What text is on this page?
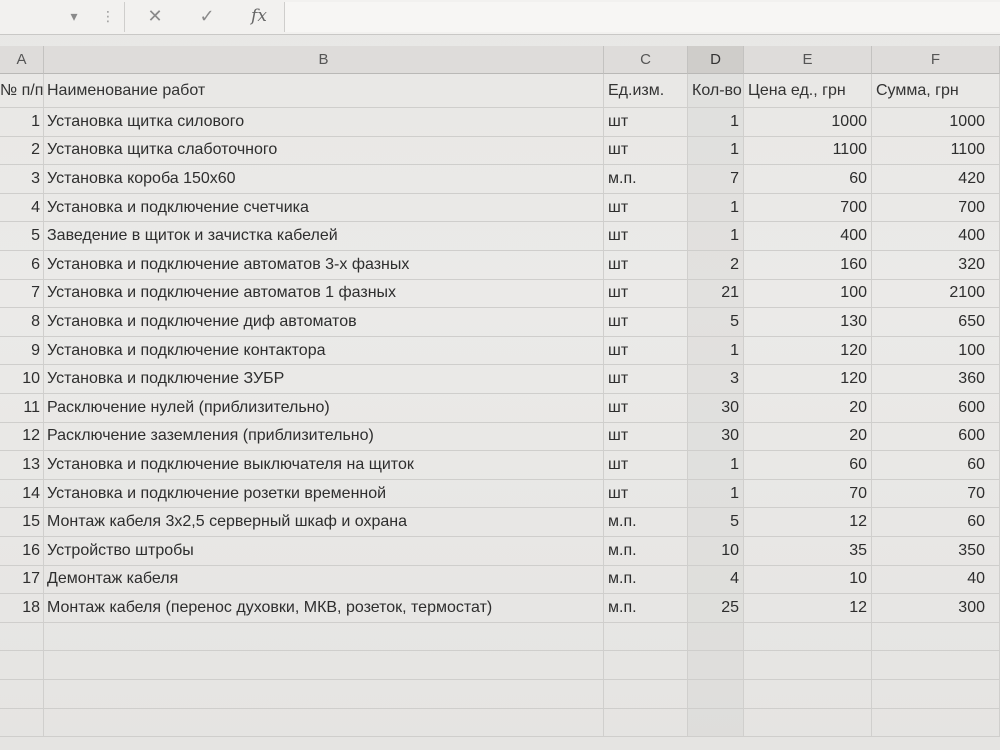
▾	⋮	✕	✓	fx
A	B	C	D	E	F
№ п/п Наименование работ	Ед.изм.	Кол-во Цена ед., грн	Сумма, грн
1 Установка щитка силового	шт	1	1000	1000
2 Установка щитка слаботочного	шт	1	1100	1100
3 Установка короба 150х60	м.п.	7	60	420
4 Установка и подключение счетчика	шт	1	700	700
5 Заведение в щиток и зачистка кабелей	шт	1	400	400
6 Установка и подключение автоматов 3-х фазных	шт	2	160	320
7 Установка и подключение автоматов 1 фазных	шт	21	100	2100
8 Установка и подключение диф автоматов	шт	5	130	650
9 Установка и подключение контактора	шт	1	120	100
10 Установка и подключение ЗУБР	шт	3	120	360
11 Расключение нулей (приблизительно)	шт	30	20	600
12 Расключение заземления (приблизительно)	шт	30	20	600
13 Установка и подключение выключателя на щиток	шт	1	60	60
14 Установка и подключение розетки временной	шт	1	70	70
15 Монтаж кабеля 3х2,5 серверный шкаф и охрана	м.п.	5	12	60
16 Устройство штробы	м.п.	10	35	350
17 Демонтаж кабеля	м.п.	4	10	40
18 Монтаж кабеля (перенос духовки, МКВ, розеток, термостат)	м.п.	25	12	300
